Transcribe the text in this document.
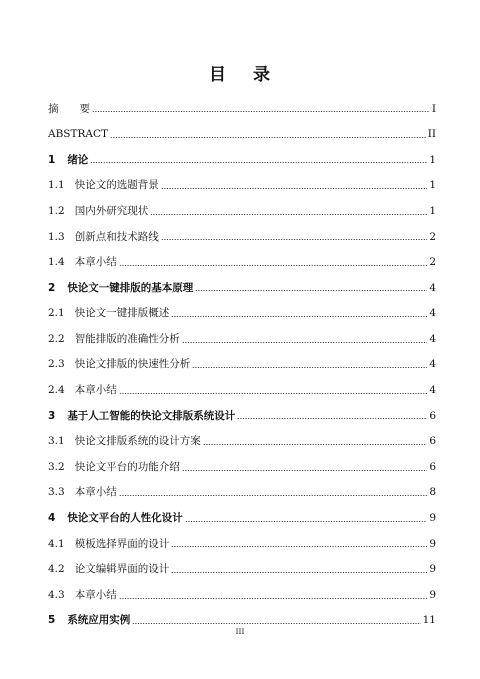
目 录
摘　　要	I
ABSTRACT	II
1 绪论	1
1.1 快论文的选题背景	1
1.2 国内外研究现状	1
1.3 创新点和技术路线	2
1.4 本章小结	2
2 快论文一键排版的基本原理	4
2.1 快论文一键排版概述	4
2.2 智能排版的准确性分析	4
2.3 快论文排版的快速性分析	4
2.4 本章小结	4
3 基于人工智能的快论文排版系统设计	6
3.1 快论文排版系统的设计方案	6
3.2 快论文平台的功能介绍	6
3.3 本章小结	8
4 快论文平台的人性化设计	9
4.1 模板选择界面的设计	9
4.2 论文编辑界面的设计	9
4.3 本章小结	9
5 系统应用实例	11
III
